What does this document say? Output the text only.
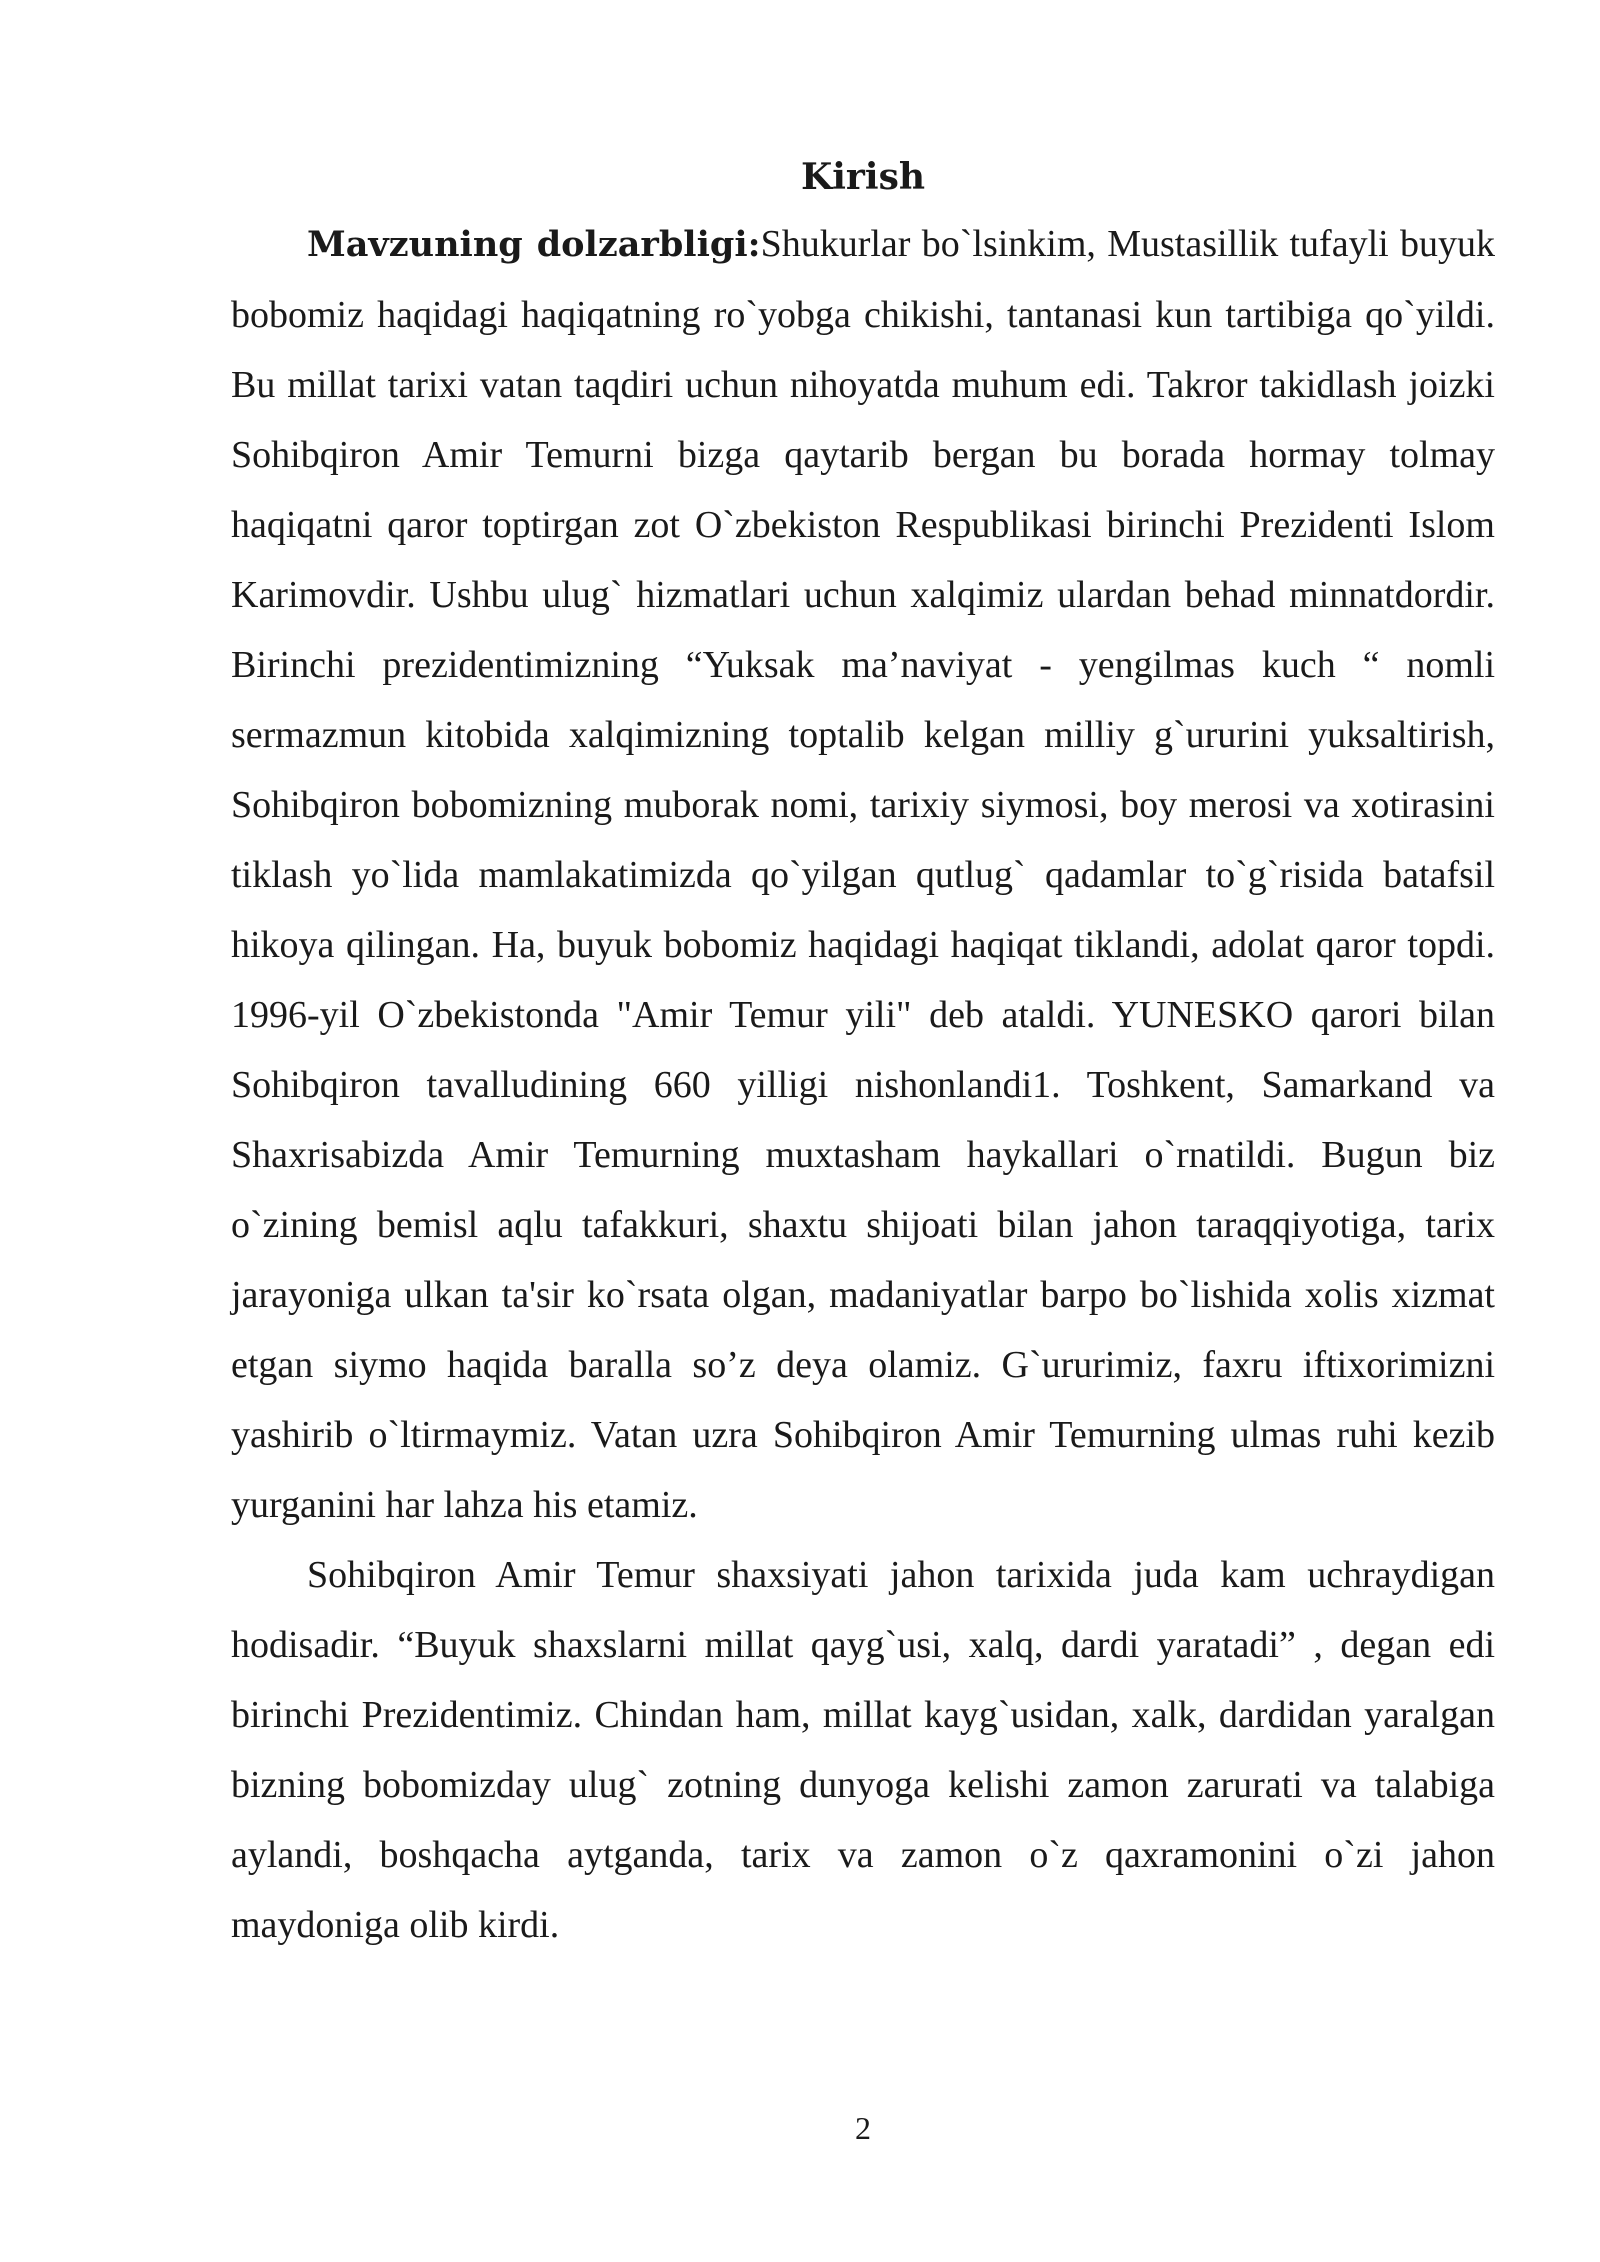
Kirish

Mavzuning dolzarbligi:Shukurlar bo`lsinkim, Mustasillik tufayli buyuk bobomiz haqidagi haqiqatning ro`yobga chikishi, tantanasi kun tartibiga qo`yildi. Bu millat tarixi vatan taqdiri uchun nihoyatda muhum edi. Takror takidlash joizki Sohibqiron Amir Temurni bizga qaytarib bergan bu borada hormay tolmay haqiqatni qaror toptirgan zot O`zbekiston Respublikasi birinchi Prezidenti Islom Karimovdir. Ushbu ulug` hizmatlari uchun xalqimiz ulardan behad minnatdordir. Birinchi prezidentimizning “Yuksak ma’naviyat - yengilmas kuch “ nomli sermazmun kitobida xalqimizning toptalib kelgan milliy g`ururini yuksaltirish, Sohibqiron bobomizning muborak nomi, tarixiy siymosi, boy merosi va xotirasini tiklash yo`lida mamlakatimizda qo`yilgan qutlug` qadamlar to`g`risida batafsil hikoya qilingan. Ha, buyuk bobomiz haqidagi haqiqat tiklandi, adolat qaror topdi. 1996-yil O`zbekistonda "Amir Temur yili" deb ataldi. YUNESKO qarori bilan Sohibqiron tavalludining 660 yilligi nishonlandi1. Toshkent, Samarkand va Shaxrisabizda Amir Temurning muxtasham haykallari o`rnatildi. Bugun biz o`zining bemisl aqlu tafakkuri, shaxtu shijoati bilan jahon taraqqiyotiga, tarix jarayoniga ulkan ta'sir ko`rsata olgan, madaniyatlar barpo bo`lishida xolis xizmat etgan siymo haqida baralla so’z deya olamiz. G`ururimiz, faxru iftixorimizni yashirib o`ltirmaymiz. Vatan uzra Sohibqiron Amir Temurning ulmas ruhi kezib yurganini har lahza his etamiz.

Sohibqiron Amir Temur shaxsiyati jahon tarixida juda kam uchraydigan hodisadir. “Buyuk shaxslarni millat qayg`usi, xalq, dardi yaratadi” , degan edi birinchi Prezidentimiz. Chindan ham, millat kayg`usidan, xalk, dardidan yaralgan bizning bobomizday ulug` zotning dunyoga kelishi zamon zarurati va talabiga aylandi, boshqacha aytganda, tarix va zamon o`z qaxramonini o`zi jahon maydoniga olib kirdi.

2
